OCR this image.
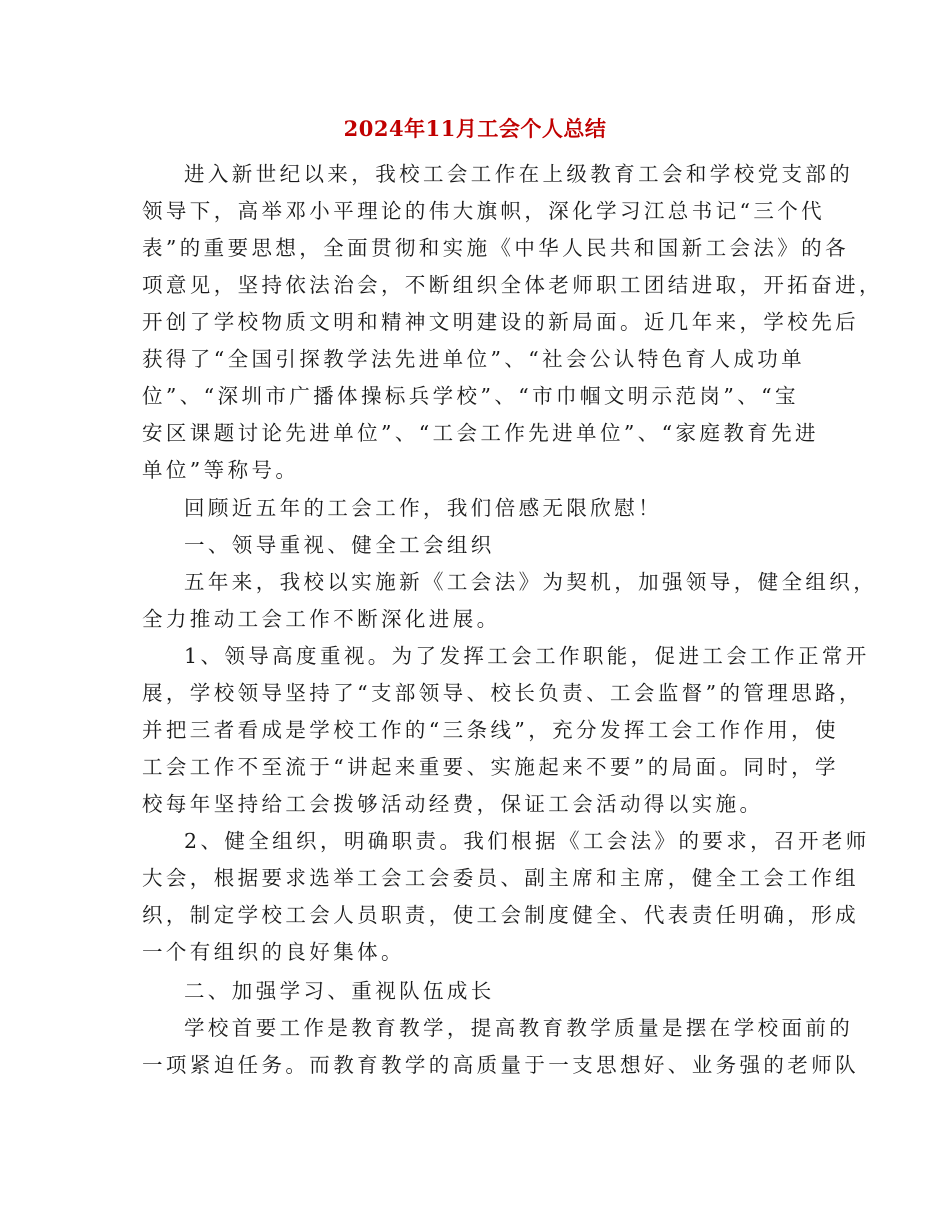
2024年11月工会个人总结
进入新世纪以来，我校工会工作在上级教育工会和学校党支部的
领导下，高举邓小平理论的伟大旗帜，深化学习江总书记“三个代
表”的重要思想，全面贯彻和实施《中华人民共和国新工会法》的各
项意见，坚持依法治会，不断组织全体老师职工团结进取，开拓奋进，
开创了学校物质文明和精神文明建设的新局面。近几年来，学校先后
获得了“全国引探教学法先进单位”、“社会公认特色育人成功单
位”、“深圳市广播体操标兵学校”、“市巾帼文明示范岗”、“宝
安区课题讨论先进单位”、“工会工作先进单位”、“家庭教育先进
单位”等称号。
回顾近五年的工会工作，我们倍感无限欣慰！
一、领导重视、健全工会组织
五年来，我校以实施新《工会法》为契机，加强领导，健全组织，
全力推动工会工作不断深化进展。
1、领导高度重视。为了发挥工会工作职能，促进工会工作正常开
展，学校领导坚持了“支部领导、校长负责、工会监督”的管理思路，
并把三者看成是学校工作的“三条线”，充分发挥工会工作作用，使
工会工作不至流于“讲起来重要、实施起来不要”的局面。同时，学
校每年坚持给工会拨够活动经费，保证工会活动得以实施。
2、健全组织，明确职责。我们根据《工会法》的要求，召开老师
大会，根据要求选举工会工会委员、副主席和主席，健全工会工作组
织，制定学校工会人员职责，使工会制度健全、代表责任明确，形成
一个有组织的良好集体。
二、加强学习、重视队伍成长
学校首要工作是教育教学，提高教育教学质量是摆在学校面前的
一项紧迫任务。而教育教学的高质量于一支思想好、业务强的老师队
